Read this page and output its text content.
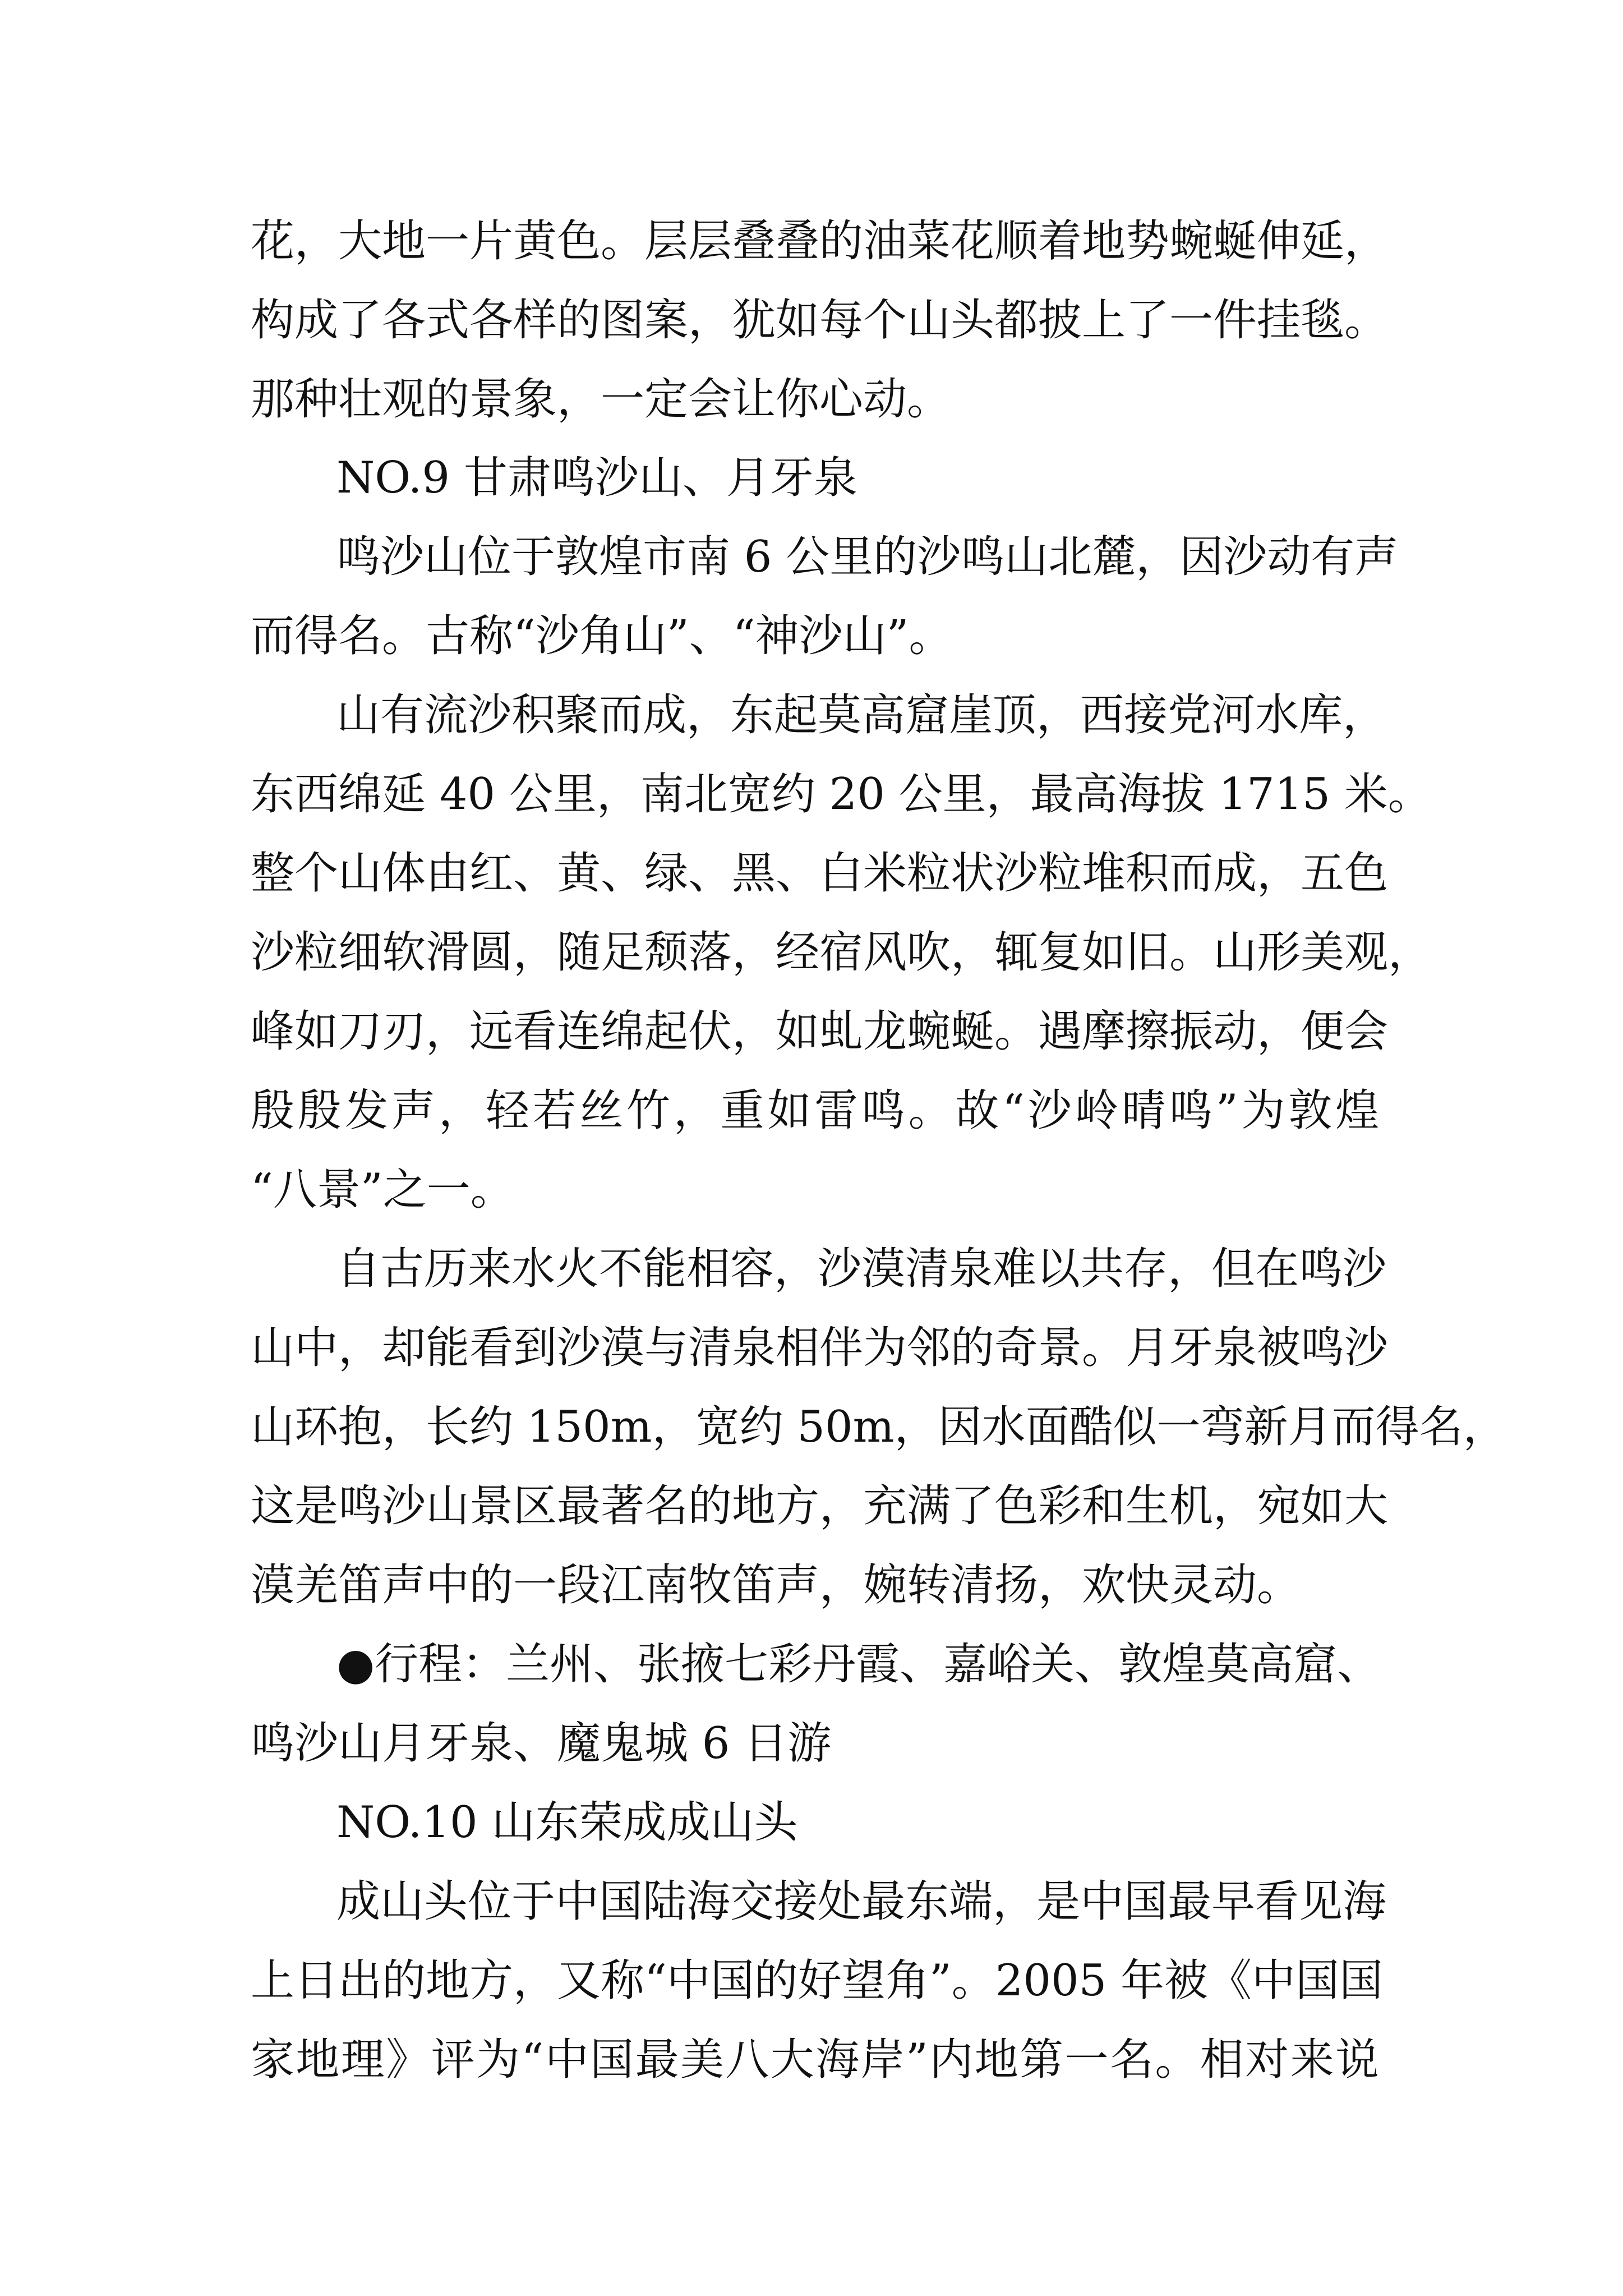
花，大地一片黄色。层层叠叠的油菜花顺着地势蜿蜒伸延，
构成了各式各样的图案，犹如每个山头都披上了一件挂毯。
那种壮观的景象，一定会让你心动。
NO.9 甘肃鸣沙山、月牙泉
鸣沙山位于敦煌市南 6 公里的沙鸣山北麓，因沙动有声
而得名。古称“沙角山”、“神沙山”。
山有流沙积聚而成，东起莫高窟崖顶，西接党河水库，
东西绵延 40 公里，南北宽约 20 公里，最高海拔 1715 米。
整个山体由红、黄、绿、黑、白米粒状沙粒堆积而成，五色
沙粒细软滑圆，随足颓落，经宿风吹，辄复如旧。山形美观，
峰如刀刃，远看连绵起伏，如虬龙蜿蜒。遇摩擦振动，便会
殷殷发声，轻若丝竹，重如雷鸣。故“沙岭晴鸣”为敦煌
“八景”之一。
自古历来水火不能相容，沙漠清泉难以共存，但在鸣沙
山中，却能看到沙漠与清泉相伴为邻的奇景。月牙泉被鸣沙
山环抱，长约 150m，宽约 50m，因水面酷似一弯新月而得名，
这是鸣沙山景区最著名的地方，充满了色彩和生机，宛如大
漠羌笛声中的一段江南牧笛声，婉转清扬，欢快灵动。
●行程：兰州、张掖七彩丹霞、嘉峪关、敦煌莫高窟、
鸣沙山月牙泉、魔鬼城 6 日游
NO.10 山东荣成成山头
成山头位于中国陆海交接处最东端，是中国最早看见海
上日出的地方，又称“中国的好望角”。2005 年被《中国国
家地理》评为“中国最美八大海岸”内地第一名。相对来说
